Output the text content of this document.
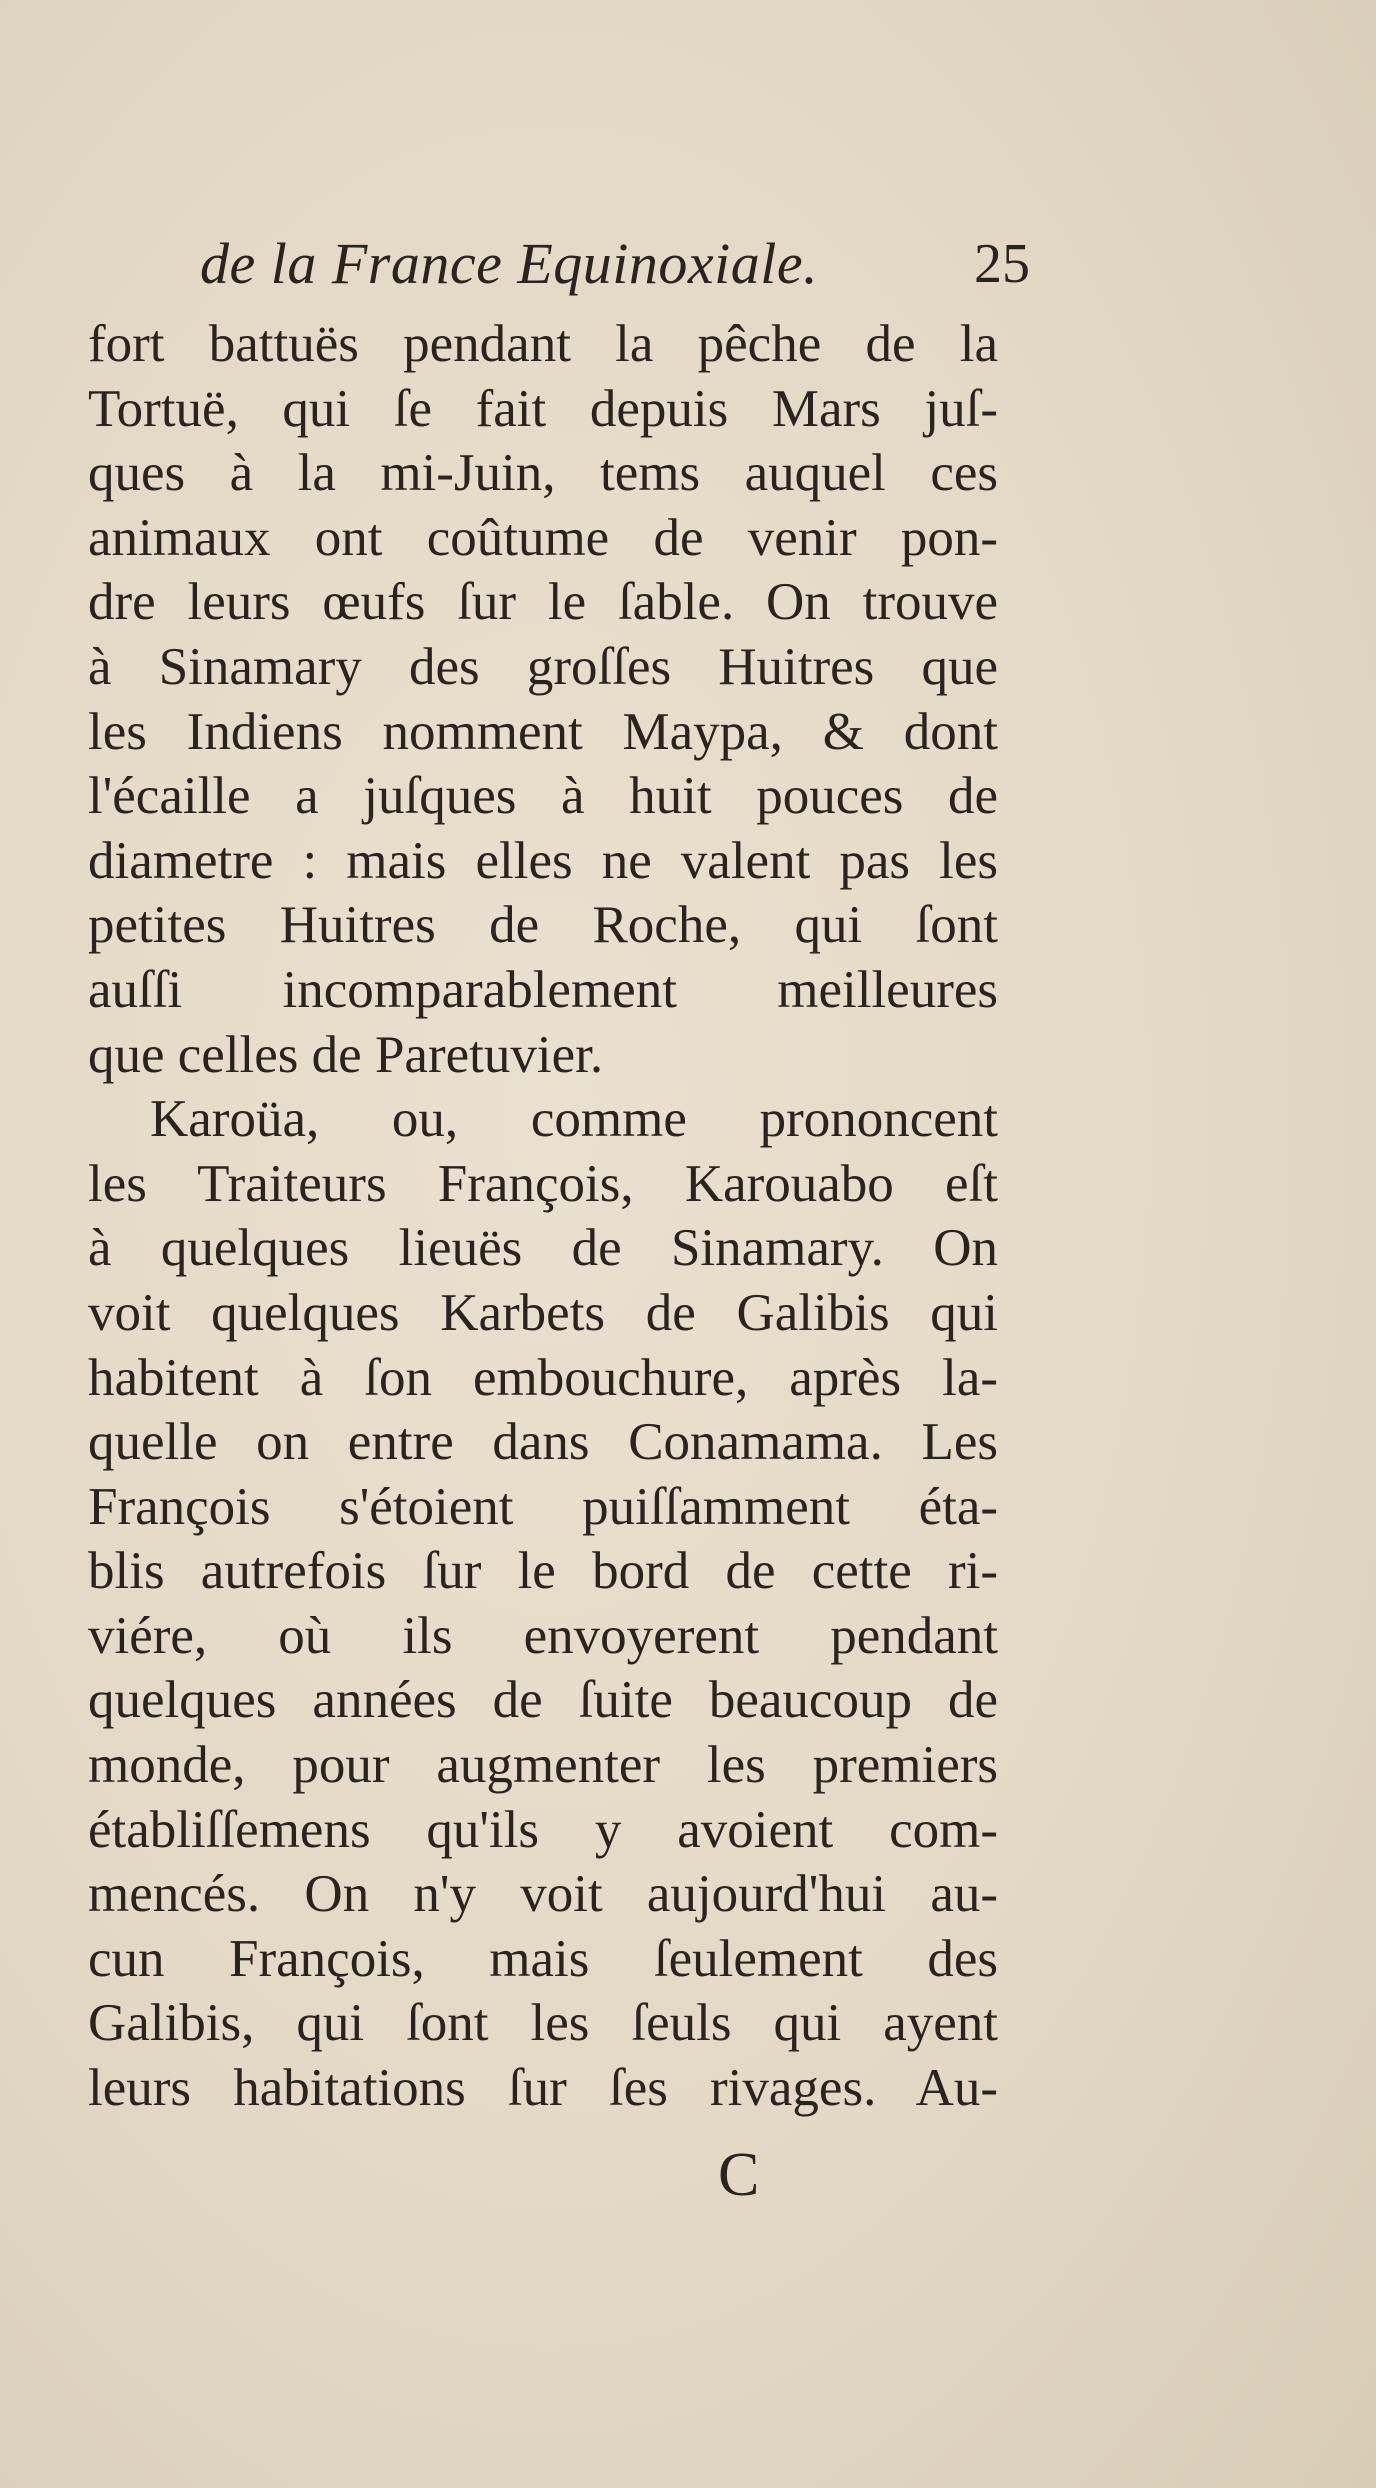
de la France Equinoxiale.	25
fort battuës pendant la pêche de la
Tortuë, qui ſe fait depuis Mars juſ-
ques à la mi-Juin, tems auquel ces
animaux ont coûtume de venir pon-
dre leurs œufs ſur le ſable. On trouve
à Sinamary des groſſes Huitres que
les Indiens nomment Maypa, & dont
l'écaille a juſques à huit pouces de
diametre : mais elles ne valent pas les
petites Huitres de Roche, qui ſont
auſſi incomparablement meilleures
que celles de Paretuvier.
Karoüa, ou, comme prononcent
les Traiteurs François, Karouabo eſt
à quelques lieuës de Sinamary. On
voit quelques Karbets de Galibis qui
habitent à ſon embouchure, après la-
quelle on entre dans Conamama. Les
François s'étoient puiſſamment éta-
blis autrefois ſur le bord de cette ri-
viére, où ils envoyerent pendant
quelques années de ſuite beaucoup de
monde, pour augmenter les premiers
établiſſemens qu'ils y avoient com-
mencés. On n'y voit aujourd'hui au-
cun François, mais ſeulement des
Galibis, qui ſont les ſeuls qui ayent
leurs habitations ſur ſes rivages. Au-
C
